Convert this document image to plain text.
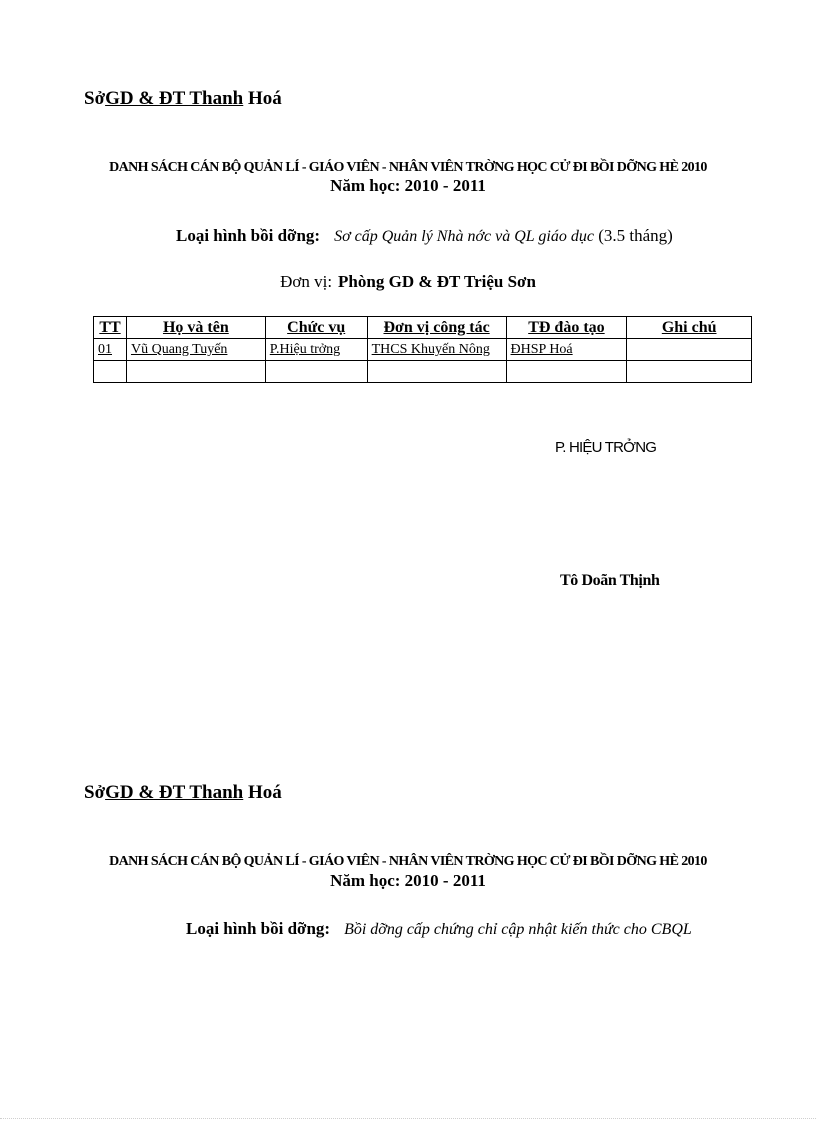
SởGD & ĐT Thanh Hoá
DANH SÁCH CÁN BỘ QUẢN LÍ - GIÁO VIÊN - NHÂN VIÊN TRỜNG HỌC CỬ ĐI BỒI DỠNG HÈ 2010
Năm học: 2010 - 2011
Loại hình bồi dỡng: Sơ cấp Quản lý Nhà nớc và QL giáo dục (3.5 tháng)
Đơn vị: Phòng GD & ĐT Triệu Sơn
TT	Họ và tên	Chức vụ	Đơn vị công tác	TĐ đào tạo	Ghi chú
01	Vũ Quang Tuyến	P.Hiệu trởng	THCS Khuyến Nông	ĐHSP Hoá	

P. HIỆU TRỞNG
Tô Doãn Thịnh
SởGD & ĐT Thanh Hoá
DANH SÁCH CÁN BỘ QUẢN LÍ - GIÁO VIÊN - NHÂN VIÊN TRỜNG HỌC CỬ ĐI BỒI DỠNG HÈ 2010
Năm học: 2010 - 2011
Loại hình bồi dỡng: Bồi dỡng cấp chứng chỉ cập nhật kiến thức cho CBQL
